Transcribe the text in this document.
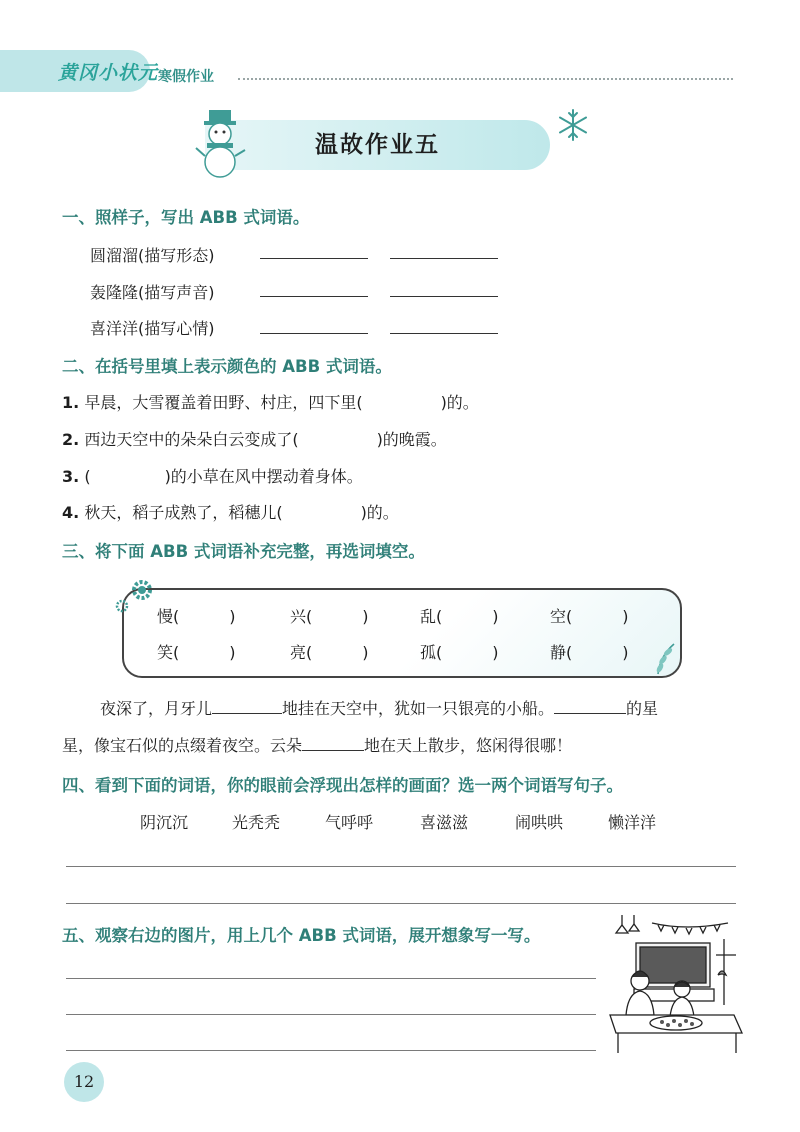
黄冈小状元 寒假作业
温故作业五
一、照样子，写出 ABB 式词语。
圆溜溜(描写形态)
轰隆隆(描写声音)
喜洋洋(描写心情)
二、在括号里填上表示颜色的 ABB 式词语。
1. 早晨，大雪覆盖着田野、村庄，四下里(	)的。
2. 西边天空中的朵朵白云变成了(	)的晚霞。
3. (	)的小草在风中摆动着身体。
4. 秋天，稻子成熟了，稻穗儿(	)的。
三、将下面 ABB 式词语补充完整，再选词填空。
慢(	)	兴(	)	乱(	)	空(	)
笑(	)	亮(	)	孤(	)	静(	)
夜深了，月牙儿	地挂在天空中，犹如一只银亮的小船。	的星
星，像宝石似的点缀着夜空。云朵	地在天上散步，悠闲得很哪！
四、看到下面的词语，你的眼前会浮现出怎样的画面？选一两个词语写句子。
阴沉沉	光秃秃	气呼呼	喜滋滋	闹哄哄	懒洋洋
五、观察右边的图片，用上几个 ABB 式词语，展开想象写一写。
12
